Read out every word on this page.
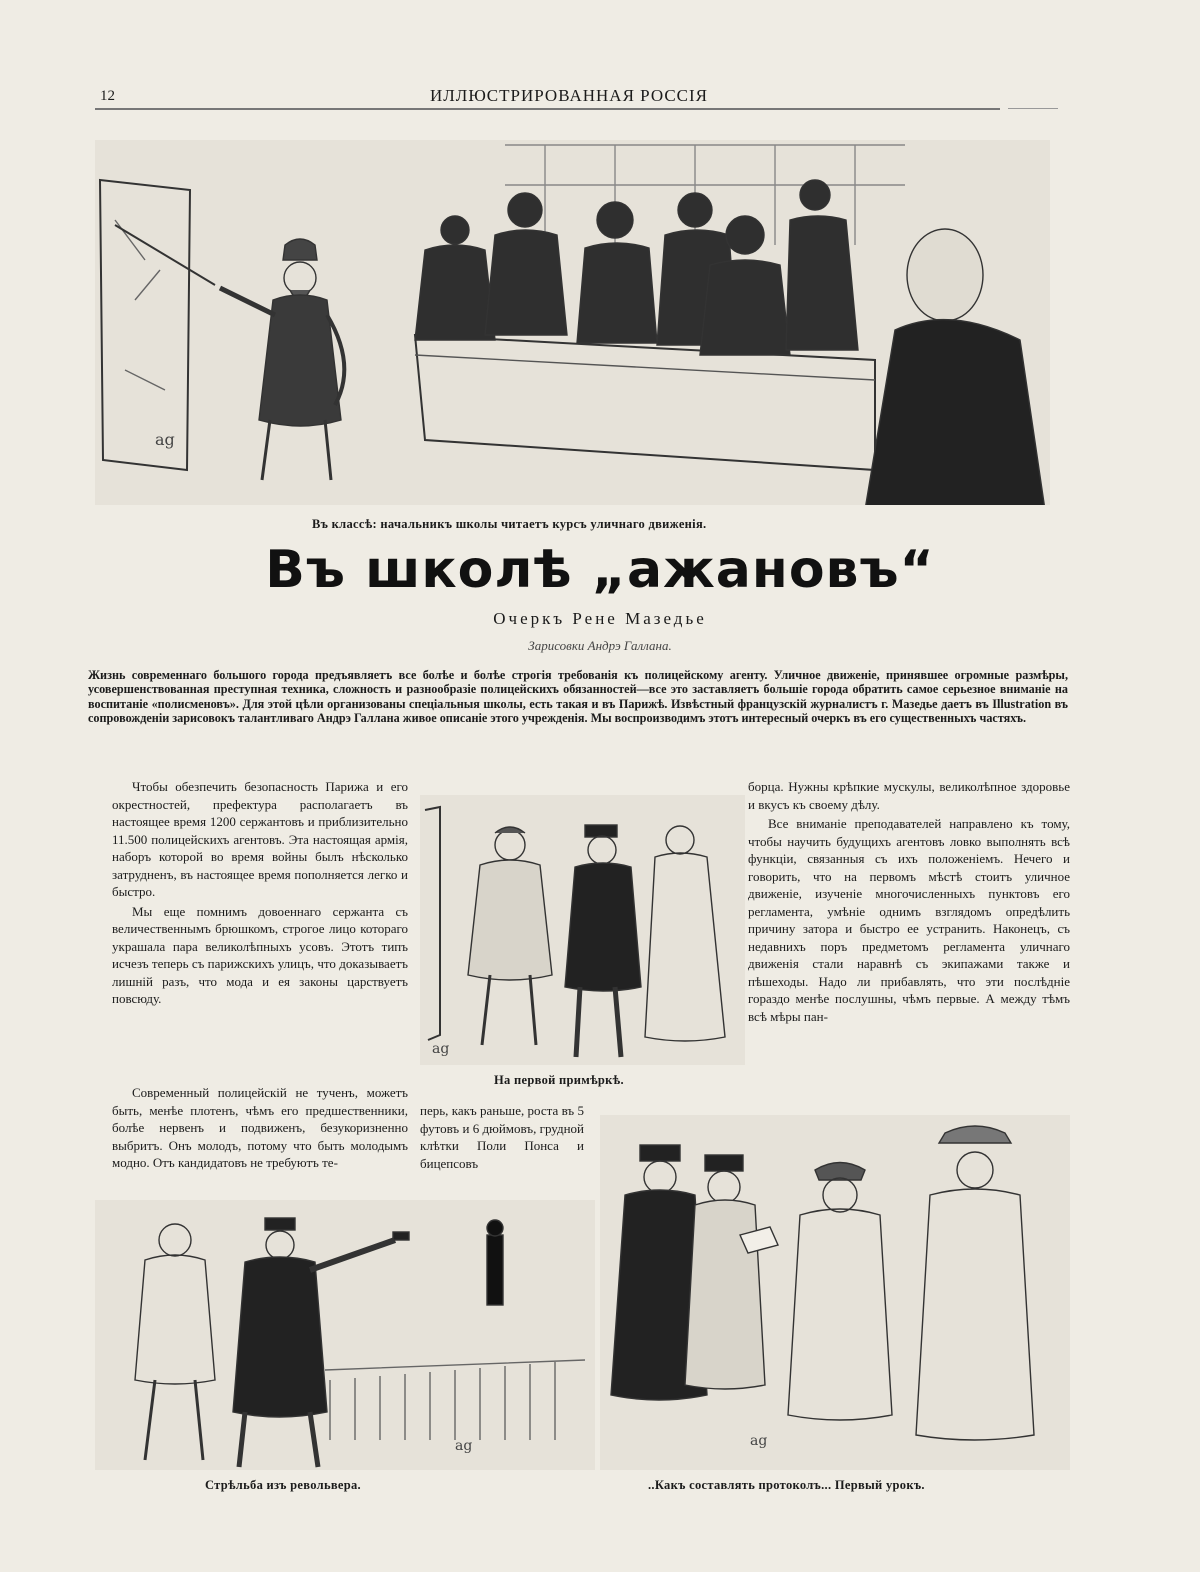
12	ИЛЛЮСТРИРОВАННАЯ РОССІЯ
ag
Въ классѣ: начальникъ школы читаетъ курсъ уличнаго движенія.
Въ школѣ „ажановъ“
Очеркъ Рене Мазедье
Зарисовки Андрэ Галлана.
Жизнь современнаго большого города предъявляетъ все болѣе и болѣе строгія требованія къ полицейскому агенту. Уличное движеніе, принявшее огромные размѣры, усовершенствованная преступная техника, сложность и разнообразіе полицейскихъ обязанностей—все это заставляетъ большіе города обратить самое серьезное вниманіе на воспитаніе «полисменовъ». Для этой цѣли организованы спеціальныя школы, есть такая и въ Парижѣ. Извѣстный французскій журналистъ г. Мазедье даетъ въ Illustration въ сопровожденіи зарисовокъ талантливаго Андрэ Галлана живое описаніе этого учрежденія. Мы воспроизводимъ этотъ интересный очеркъ въ его существенныхъ частяхъ.

Чтобы обезпечить безопасность Парижа и его окрестностей, префектура располагаетъ въ настоящее время 1200 сержантовъ и приблизительно 11.500 полицейскихъ агентовъ. Эта настоящая армія, наборъ которой во время войны былъ нѣсколько затрудненъ, въ настоящее время пополняется легко и быстро.

Мы еще помнимъ довоеннаго сержанта съ величественнымъ брюшкомъ, строгое лицо котораго украшала пара великолѣпныхъ усовъ. Этотъ типъ исчезъ теперь съ парижскихъ улицъ, что доказываетъ лишній разъ, что мода и ея законы царствуетъ повсюду.

ag
На первой примѣркѣ.

Современный полицейскій не тученъ, можетъ быть, менѣе плотенъ, чѣмъ его предшественники, болѣе нервенъ и подвиженъ, безукоризненно выбритъ. Онъ молодъ, потому что быть молодымъ модно. Отъ кандидатовъ не требуютъ те-

перь, какъ раньше, роста въ 5 футовъ и 6 дюймовъ, грудной клѣтки Поли Понса и бицепсовъ

борца. Нужны крѣпкие мускулы, великолѣпное здоровье и вкусъ къ своему дѣлу.

Все вниманіе преподавателей направлено къ тому, чтобы научить будущихъ агентовъ ловко выполнять всѣ функціи, связанныя съ ихъ положеніемъ. Нечего и говорить, что на первомъ мѣстѣ стоитъ уличное движеніе, изученіе многочисленныхъ пунктовъ его регламента, умѣніе однимъ взглядомъ опредѣлить причину затора и быстро ее устранить. Наконецъ, съ недавнихъ поръ предметомъ регламента уличнаго движенія стали наравнѣ съ экипажами также и пѣшеходы. Надо ли прибавлять, что эти послѣдніе гораздо менѣе послушны, чѣмъ первые. А между тѣмъ всѣ мѣры пан-

ag
Стрѣльба изъ револьвера.
ag
..Какъ составлять протоколъ... Первый урокъ.
